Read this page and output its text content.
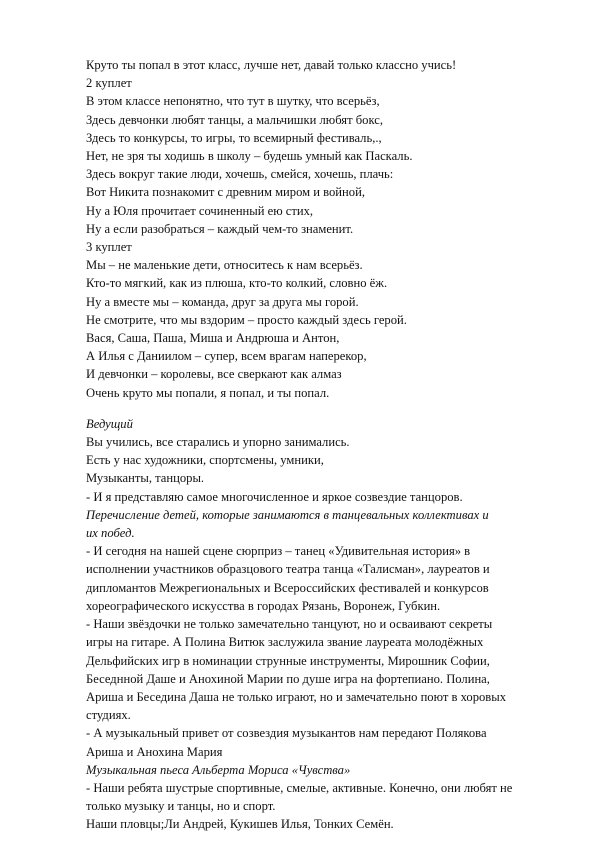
Круто ты попал в этот класс, лучше нет, давай только классно учись!
2 куплет
В этом классе непонятно, что тут в шутку, что всерьёз,
Здесь девчонки любят танцы, а мальчишки любят бокс,
Здесь то конкурсы, то игры, то всемирный фестиваль,.,
Нет, не зря ты ходишь в школу – будешь умный как Паскаль.
Здесь вокруг такие люди, хочешь, смейся, хочешь, плачь:
Вот Никита познакомит с древним миром и войной,
Ну а Юля прочитает сочиненный ею стих,
Ну а если разобраться – каждый чем-то знаменит.
3 куплет
Мы – не маленькие дети, относитесь к нам всерьёз.
Кто-то мягкий, как из плюша, кто-то колкий, словно ёж.
Ну а вместе мы – команда, друг за друга мы горой.
Не смотрите, что мы вздорим – просто каждый здесь герой.
Вася, Саша, Паша, Миша и Андрюша и Антон,
А Илья с Даниилом – супер, всем врагам наперекор,
И девчонки – королевы, все сверкают как алмаз
Очень круто мы попали, я попал, и ты попал.
Ведущий
Вы учились, все старались и упорно занимались.
Есть у нас художники, спортсмены, умники,
Музыканты, танцоры.
- И я представляю самое многочисленное и яркое созвездие танцоров.
Перечисление детей, которые занимаются в танцевальных коллективах и
их побед.
- И сегодня на нашей сцене сюрприз – танец «Удивительная история» в
исполнении участников образцового театра танца «Талисман», лауреатов и
дипломантов Межрегиональных и Всероссийских фестивалей и конкурсов
хореографического искусства в городах Рязань, Воронеж, Губкин.
- Наши звёздочки не только замечательно танцуют, но и осваивают секреты
игры на гитаре. А Полина Витюк заслужила звание лауреата молодёжных
Дельфийских игр в номинации струнные инструменты, Мирошник Софии,
Беседнной Даше и Анохиной Марии по душе игра на фортепиано. Полина,
Ариша и Беседина Даша не только играют, но и замечательно поют в хоровых
студиях.
- А музыкальный привет от созвездия музыкантов нам передают Полякова
Ариша и Анохина Мария
Музыкальная пьеса Альберта Мориса «Чувства»
- Наши ребята шустрые спортивные, смелые, активные. Конечно, они любят не
только музыку и танцы, но и спорт.
Наши пловцы;Ли Андрей, Кукишев Илья, Тонких Семён.
